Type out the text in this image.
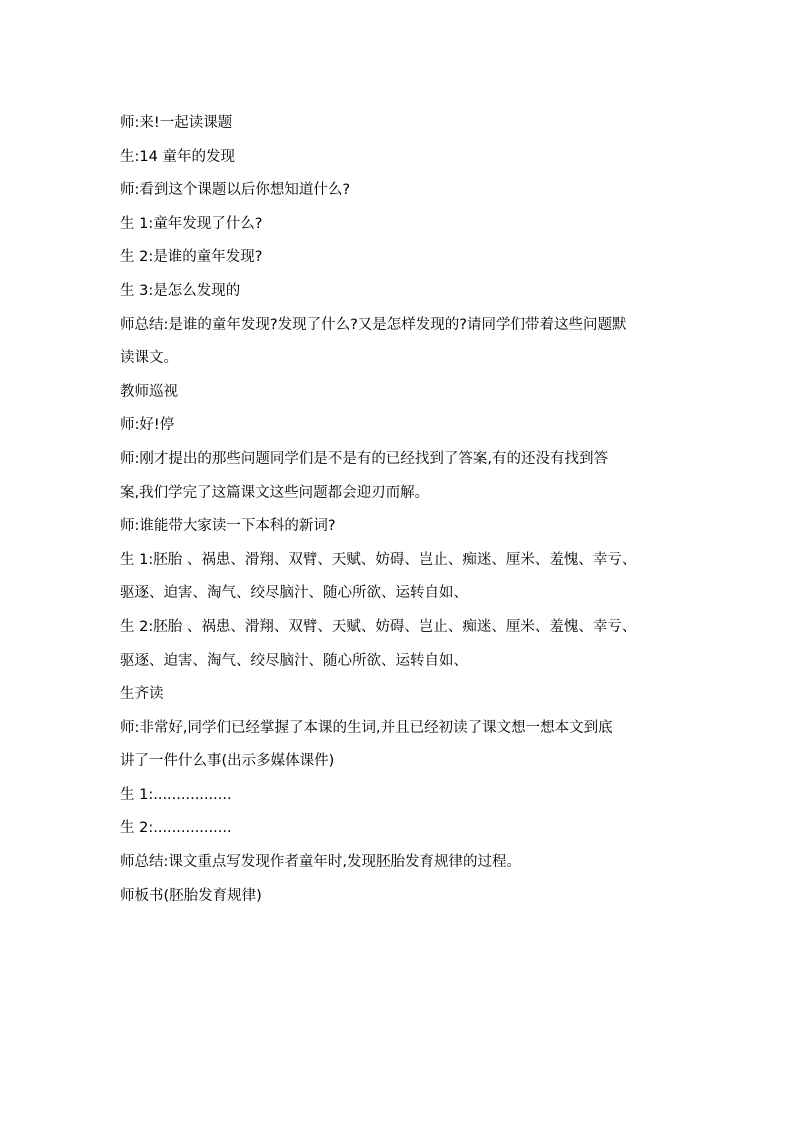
师:来!一起读课题
生:14 童年的发现
师:看到这个课题以后你想知道什么?
生 1:童年发现了什么?
生 2:是谁的童年发现?
生 3:是怎么发现的
师总结:是谁的童年发现?发现了什么?又是怎样发现的?请同学们带着这些问题默
读课文。
教师巡视
师:好!停
师:刚才提出的那些问题同学们是不是有的已经找到了答案,有的还没有找到答
案,我们学完了这篇课文这些问题都会迎刃而解。
师:谁能带大家读一下本科的新词?
生 1:胚胎 、祸患、滑翔、双臂、天赋、妨碍、岂止、痴迷、厘米、羞愧、幸亏、
驱逐、迫害、淘气、绞尽脑汁、随心所欲、运转自如、
生 2:胚胎 、祸患、滑翔、双臂、天赋、妨碍、岂止、痴迷、厘米、羞愧、幸亏、
驱逐、迫害、淘气、绞尽脑汁、随心所欲、运转自如、
生齐读
师:非常好,同学们已经掌握了本课的生词,并且已经初读了课文想一想本文到底
讲了一件什么事(出示多媒体课件)
生 1:.................
生 2:.................
师总结:课文重点写发现作者童年时,发现胚胎发育规律的过程。
师板书(胚胎发育规律)
